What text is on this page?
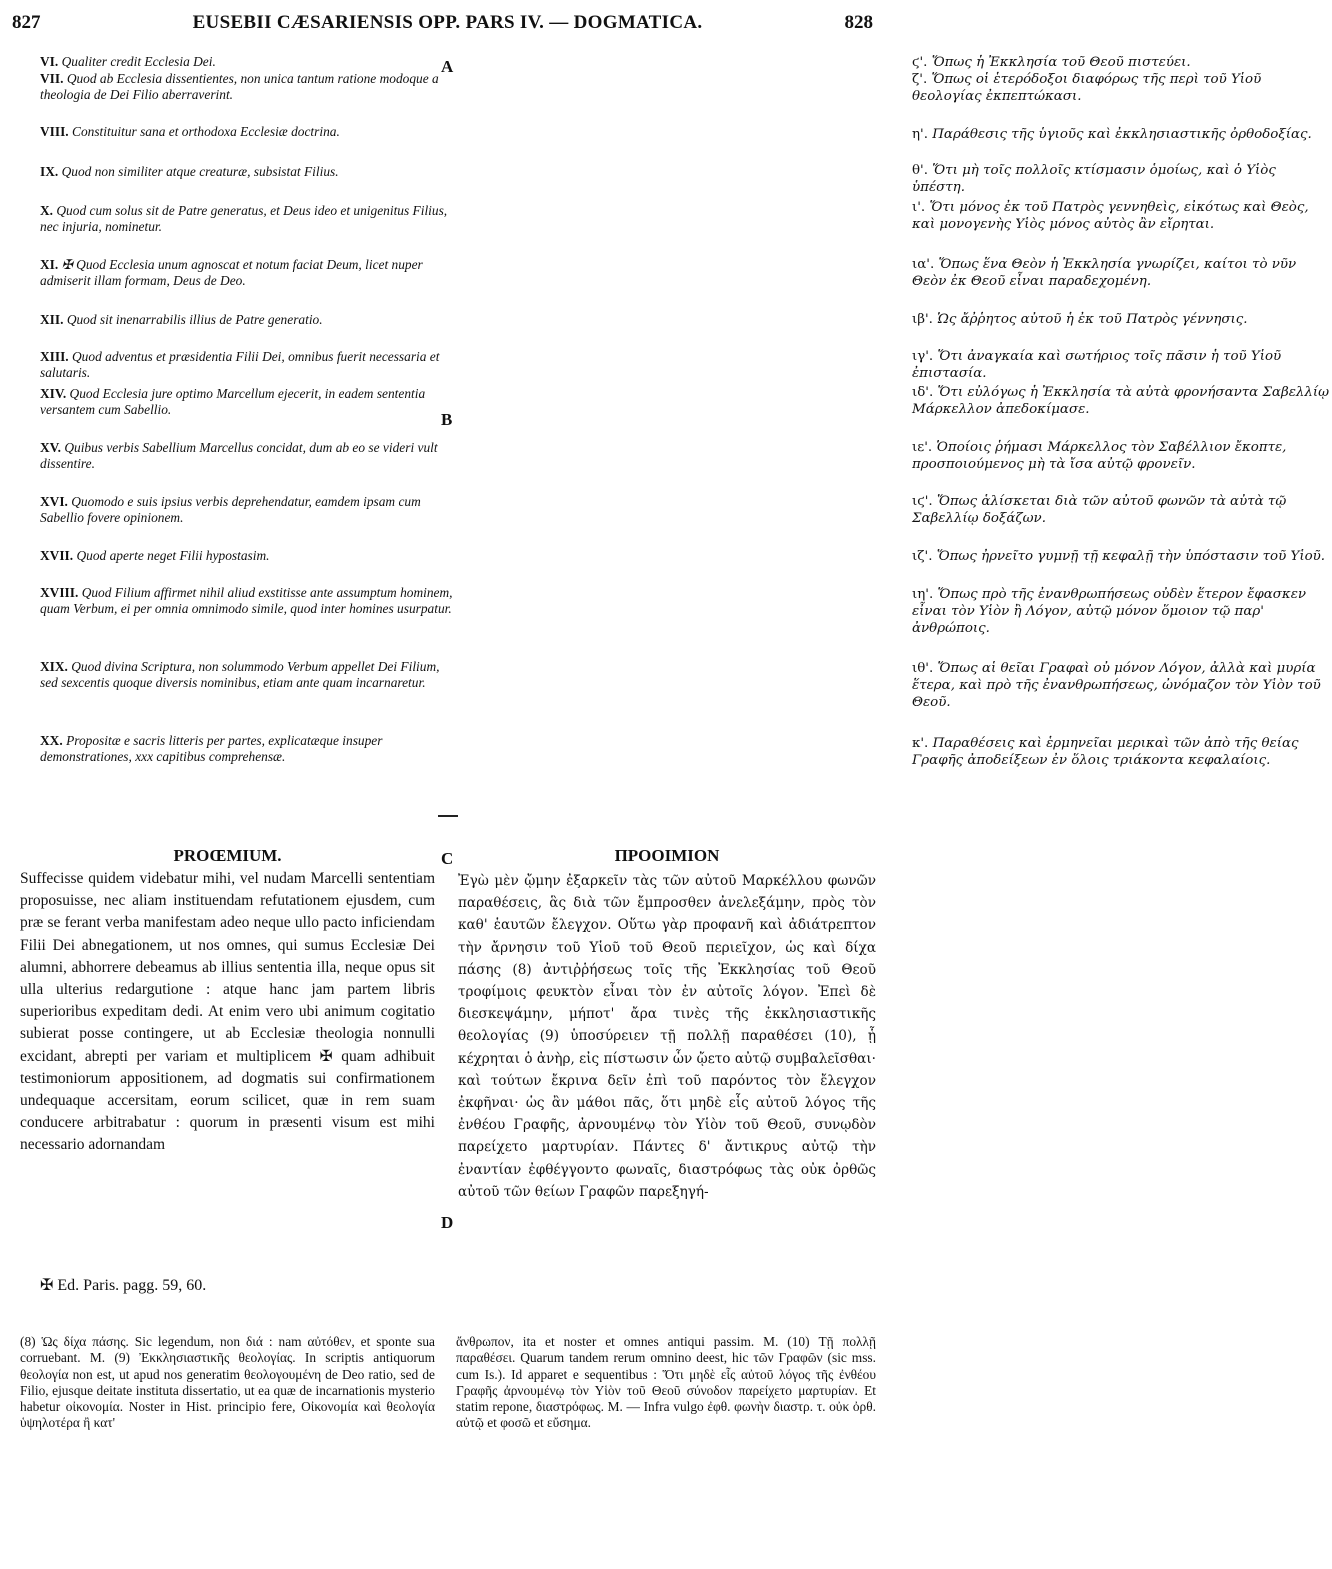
827	EUSEBII CÆSARIENSIS OPP. PARS IV. — DOGMATICA.	828
VI. Qualiter credit Ecclesia Dei.
VII. Quod ab Ecclesia dissentientes, non unica tantum ratione modoque a theologia de Dei Filio aberraverint.
VIII. Constituitur sana et orthodoxa Ecclesiæ doctrina.
IX. Quod non similiter atque creaturæ, subsistat Filius.
X. Quod cum solus sit de Patre generatus, et Deus ideo et unigenitus Filius, nec injuria, nominetur.
XI. ✠ Quod Ecclesia unum agnoscat et notum faciat Deum, licet nuper admiserit illam formam, Deus de Deo.
XII. Quod sit inenarrabilis illius de Patre generatio.
XIII. Quod adventus et præsidentia Filii Dei, omnibus fuerit necessaria et salutaris.
XIV. Quod Ecclesia jure optimo Marcellum ejecerit, in eadem sententia versantem cum Sabellio.
XV. Quibus verbis Sabellium Marcellus concidat, dum ab eo se videri vult dissentire.
XVI. Quomodo e suis ipsius verbis deprehendatur, eamdem ipsam cum Sabellio fovere opinionem.
XVII. Quod aperte neget Filii hypostasim.
XVIII. Quod Filium affirmet nihil aliud exstitisse ante assumptum hominem, quam Verbum, ei per omnia omnimodo simile, quod inter homines usurpatur.
XIX. Quod divina Scriptura, non solummodo Verbum appellet Dei Filium, sed sexcentis quoque diversis nominibus, etiam ante quam incarnaretur.
XX. Propositæ e sacris litteris per partes, explicatæque insuper demonstrationes, xxx capitibus comprehensæ.
A
B
C
D
ϛ'. Ὅπως ἡ Ἐκκλησία τοῦ Θεοῦ πιστεύει.
ζ'. Ὅπως οἱ ἑτερόδοξοι διαφόρως τῆς περὶ τοῦ Υἱοῦ θεολογίας ἐκπεπτώκασι.
η'. Παράθεσις τῆς ὑγιοῦς καὶ ἐκκλησιαστικῆς ὀρθοδοξίας.
θ'. Ὅτι μὴ τοῖς πολλοῖς κτίσμασιν ὁμοίως, καὶ ὁ Υἱὸς ὑπέστη.
ι'. Ὅτι μόνος ἐκ τοῦ Πατρὸς γεννηθεὶς, εἰκότως καὶ Θεὸς, καὶ μονογενὴς Υἱὸς μόνος αὐτὸς ἂν εἴρηται.
ια'. Ὅπως ἕνα Θεὸν ἡ Ἐκκλησία γνωρίζει, καίτοι τὸ νῦν Θεὸν ἐκ Θεοῦ εἶναι παραδεχομένη.
ιβ'. Ὡς ἄῤῥητος αὐτοῦ ἡ ἐκ τοῦ Πατρὸς γέννησις.
ιγ'. Ὅτι ἀναγκαία καὶ σωτήριος τοῖς πᾶσιν ἡ τοῦ Υἱοῦ ἐπιστασία.
ιδ'. Ὅτι εὐλόγως ἡ Ἐκκλησία τὰ αὐτὰ φρονήσαντα Σαβελλίῳ Μάρκελλον ἀπεδοκίμασε.
ιε'. Ὁποίοις ῥήμασι Μάρκελλος τὸν Σαβέλλιον ἔκοπτε, προσποιούμενος μὴ τὰ ἴσα αὐτῷ φρονεῖν.
ιϛ'. Ὅπως ἁλίσκεται διὰ τῶν αὐτοῦ φωνῶν τὰ αὐτὰ τῷ Σαβελλίῳ δοξάζων.
ιζ'. Ὅπως ἠρνεῖτο γυμνῇ τῇ κεφαλῇ τὴν ὑπόστασιν τοῦ Υἱοῦ.
ιη'. Ὅπως πρὸ τῆς ἐνανθρωπήσεως οὐδὲν ἕτερον ἔφασκεν εἶναι τὸν Υἱὸν ἢ Λόγον, αὐτῷ μόνον ὅμοιον τῷ παρ' ἀνθρώποις.
ιθ'. Ὅπως αἱ θεῖαι Γραφαὶ οὐ μόνον Λόγον, ἀλλὰ καὶ μυρία ἕτερα, καὶ πρὸ τῆς ἐνανθρωπήσεως, ὠνόμαζον τὸν Υἱὸν τοῦ Θεοῦ.
κ'. Παραθέσεις καὶ ἑρμηνεῖαι μερικαὶ τῶν ἀπὸ τῆς θείας Γραφῆς ἀποδείξεων ἐν ὅλοις τριάκοντα κεφαλαίοις.
PROŒMIUM.	ΠΡΟΟΙΜΙΟΝ
Suffecisse quidem videbatur mihi, vel nudam Marcelli sententiam proposuisse, nec aliam instituendam refutationem ejusdem, cum præ se ferant verba manifestam adeo neque ullo pacto inficiendam Filii Dei abnegationem, ut nos omnes, qui sumus Ecclesiæ Dei alumni, abhorrere debeamus ab illius sententia illa, neque opus sit ulla ulterius redargutione : atque hanc jam partem libris superioribus expeditam dedi. At enim vero ubi animum cogitatio subierat posse contingere, ut ab Ecclesiæ theologia nonnulli excidant, abrepti per variam et multiplicem ✠ quam adhibuit testimoniorum appositionem, ad dogmatis sui confirmationem undequaque accersitam, eorum scilicet, quæ in rem suam conducere arbitrabatur : quorum in præsenti visum est mihi necessario adornandam
Ἐγὼ μὲν ᾤμην ἐξαρκεῖν τὰς τῶν αὐτοῦ Μαρκέλλου φωνῶν παραθέσεις, ἃς διὰ τῶν ἔμπροσθεν ἀνελεξάμην, πρὸς τὸν καθ' ἑαυτῶν ἔλεγχον. Οὕτω γὰρ προφανῆ καὶ ἀδιάτρεπτον τὴν ἄρνησιν τοῦ Υἱοῦ τοῦ Θεοῦ περιεῖχον, ὡς καὶ δίχα πάσης (8) ἀντιῤῥήσεως τοῖς τῆς Ἐκκλησίας τοῦ Θεοῦ τροφίμοις φευκτὸν εἶναι τὸν ἐν αὐτοῖς λόγον. Ἐπεὶ δὲ διεσκεψάμην, μήποτ' ἄρα τινὲς τῆς ἐκκλησιαστικῆς θεολογίας (9) ὑποσύρειεν τῇ πολλῇ παραθέσει (10), ᾗ κέχρηται ὁ ἀνὴρ, εἰς πίστωσιν ὧν ᾤετο αὐτῷ συμβαλεῖσθαι· καὶ τούτων ἔκρινα δεῖν ἐπὶ τοῦ παρόντος τὸν ἔλεγχον ἐκφῆναι· ὡς ἂν μάθοι πᾶς, ὅτι μηδὲ εἷς αὐτοῦ λόγος τῆς ἐνθέου Γραφῆς, ἀρνουμένῳ τὸν Υἱὸν τοῦ Θεοῦ, συνῳδὸν παρείχετο μαρτυρίαν. Πάντες δ' ἄντικρυς αὐτῷ τὴν ἐναντίαν ἐφθέγγοντο φωναῖς, διαστρόφως τὰς οὐκ ὀρθῶς αὐτοῦ τῶν θείων Γραφῶν παρεξηγή-
✠ Ed. Paris. pagg. 59, 60.
(8) Ὡς δίχα πάσης. Sic legendum, non διά : nam αὐτόθεν, et sponte sua corruebant. M. (9) Ἐκκλησιαστικῆς θεολογίας. In scriptis antiquorum θεολογία non est, ut apud nos generatim θεολογουμένη de Deo ratio, sed de Filio, ejusque deitate instituta dissertatio, ut ea quæ de incarnationis mysterio habetur οἰκονομία. Noster in Hist. principio fere, Οἰκονομία καὶ θεολογία ὑψηλοτέρα ἢ κατ'
ἄνθρωπον, ita et noster et omnes antiqui passim. M. (10) Τῇ πολλῇ παραθέσει. Quarum tandem rerum omnino deest, hic τῶν Γραφῶν (sic mss. cum Is.). Id apparet e sequentibus : Ὅτι μηδὲ εἷς αὐτοῦ λόγος τῆς ἐνθέου Γραφῆς ἀρνουμένῳ τὸν Υἱὸν τοῦ Θεοῦ σύνοδον παρείχετο μαρτυρίαν. Et statim repone, διαστρόφως. M. — Infra vulgo ἐφθ. φωνὴν διαστρ. τ. οὐκ ὀρθ. αὐτῷ et φοσῶ et εὔσημα.
